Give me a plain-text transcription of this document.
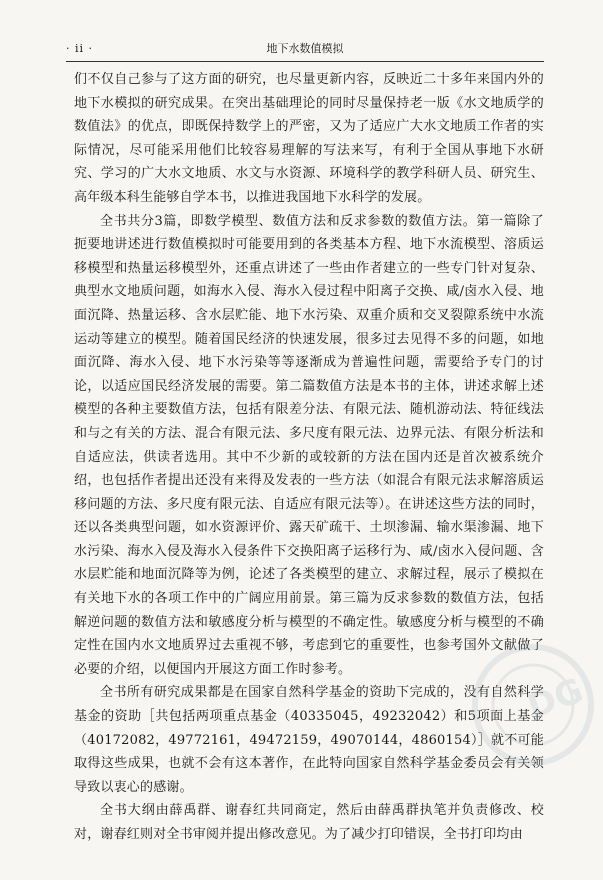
· ii ·	地下水数值模拟

们不仅自己参与了这方面的研究，也尽量更新内容，反映近二十多年来国内外的地下水模拟的研究成果。在突出基础理论的同时尽量保持老一版《水文地质学的数值法》的优点，即既保持数学上的严密，又为了适应广大水文地质工作者的实际情况，尽可能采用他们比较容易理解的写法来写，有利于全国从事地下水研究、学习的广大水文地质、水文与水资源、环境科学的教学科研人员、研究生、高年级本科生能够自学本书，以推进我国地下水科学的发展。

全书共分3篇，即数学模型、数值方法和反求参数的数值方法。第一篇除了扼要地讲述进行数值模拟时可能要用到的各类基本方程、地下水流模型、溶质运移模型和热量运移模型外，还重点讲述了一些由作者建立的一些专门针对复杂、典型水文地质问题，如海水入侵、海水入侵过程中阳离子交换、咸/卤水入侵、地面沉降、热量运移、含水层贮能、地下水污染、双重介质和交叉裂隙系统中水流运动等建立的模型。随着国民经济的快速发展，很多过去见得不多的问题，如地面沉降、海水入侵、地下水污染等等逐渐成为普遍性问题，需要给予专门的讨论，以适应国民经济发展的需要。第二篇数值方法是本书的主体，讲述求解上述模型的各种主要数值方法，包括有限差分法、有限元法、随机游动法、特征线法和与之有关的方法、混合有限元法、多尺度有限元法、边界元法、有限分析法和自适应法，供读者选用。其中不少新的或较新的方法在国内还是首次被系统介绍，也包括作者提出还没有来得及发表的一些方法（如混合有限元法求解溶质运移问题的方法、多尺度有限元法、自适应有限元法等）。在讲述这些方法的同时，还以各类典型问题，如水资源评价、露天矿疏干、土坝渗漏、输水渠渗漏、地下水污染、海水入侵及海水入侵条件下交换阳离子运移行为、咸/卤水入侵问题、含水层贮能和地面沉降等为例，论述了各类模型的建立、求解过程，展示了模拟在有关地下水的各项工作中的广阔应用前景。第三篇为反求参数的数值方法，包括解逆问题的数值方法和敏感度分析与模型的不确定性。敏感度分析与模型的不确定性在国内水文地质界过去重视不够，考虑到它的重要性，也参考国外文献做了必要的介绍，以便国内开展这方面工作时参考。

全书所有研究成果都是在国家自然科学基金的资助下完成的，没有自然科学基金的资助［共包括两项重点基金（40335045，49232042）和5项面上基金（40172082，49772161，49472159，49070144，4860154）］就不可能取得这些成果，也就不会有这本著作，在此特向国家自然科学基金委员会有关领导致以衷心的感谢。

全书大纲由薛禹群、谢春红共同商定，然后由薛禹群执笔并负责修改、校对，谢春红则对全书审阅并提出修改意见。为了减少打印错误，全书打印均由

DG
